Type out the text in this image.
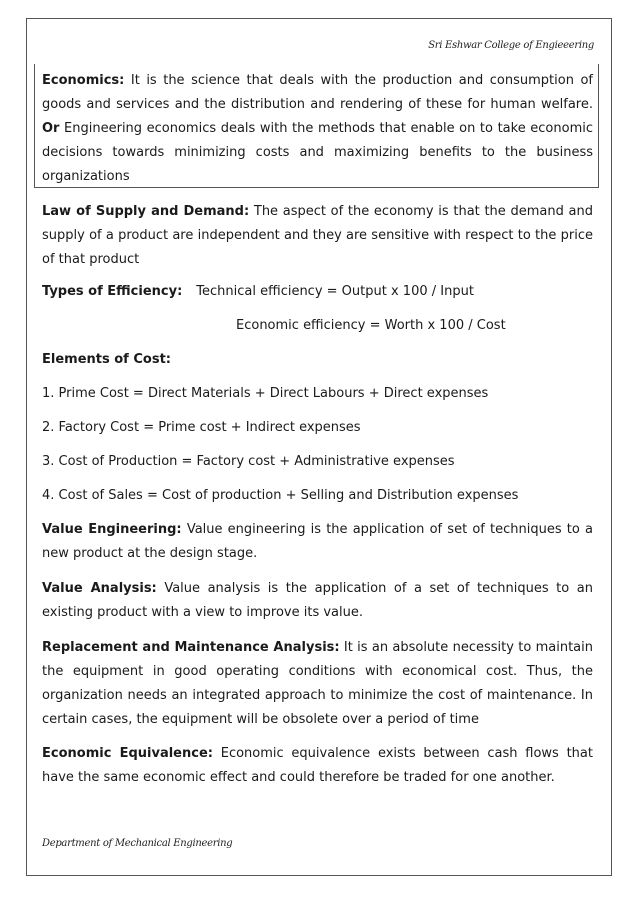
Sri Eshwar College of Engieeering

Economics: It is the science that deals with the production and consumption of goods and services and the distribution and rendering of these for human welfare. Or Engineering economics deals with the methods that enable on to take economic decisions towards minimizing costs and maximizing benefits to the business organizations

Law of Supply and Demand: The aspect of the economy is that the demand and supply of a product are independent and they are sensitive with respect to the price of that product

Types of Efficiency: Technical efficiency = Output x 100 / Input

Economic efficiency = Worth x 100 / Cost

Elements of Cost:

1. Prime Cost = Direct Materials + Direct Labours + Direct expenses

2. Factory Cost = Prime cost + Indirect expenses

3. Cost of Production = Factory cost + Administrative expenses

4. Cost of Sales = Cost of production + Selling and Distribution expenses

Value Engineering: Value engineering is the application of set of techniques to a new product at the design stage.

Value Analysis: Value analysis is the application of a set of techniques to an existing product with a view to improve its value.

Replacement and Maintenance Analysis: It is an absolute necessity to maintain the equipment in good operating conditions with economical cost. Thus, the organization needs an integrated approach to minimize the cost of maintenance. In certain cases, the equipment will be obsolete over a period of time

Economic Equivalence: Economic equivalence exists between cash flows that have the same economic effect and could therefore be traded for one another.

Department of Mechanical Engineering
